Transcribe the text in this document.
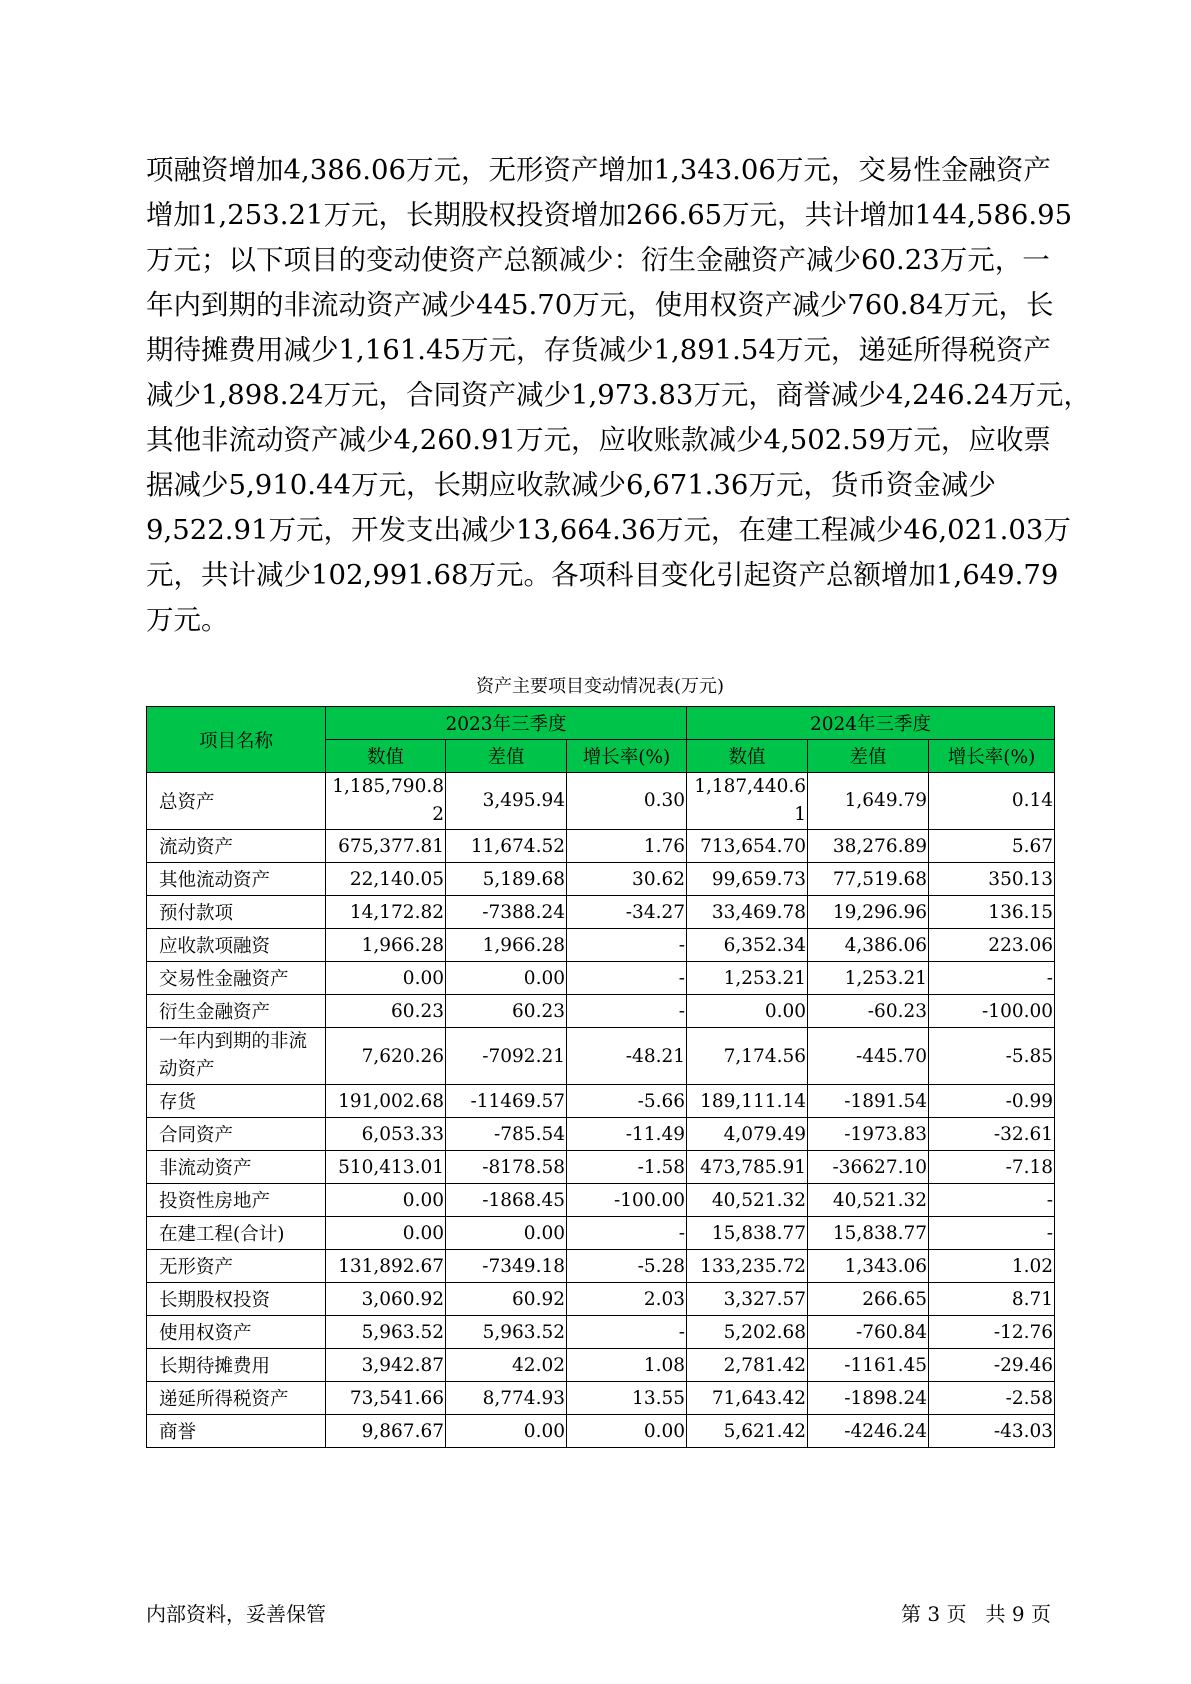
项融资增加4,386.06万元，无形资产增加1,343.06万元，交易性金融资产
增加1,253.21万元，长期股权投资增加266.65万元，共计增加144,586.95
万元；以下项目的变动使资产总额减少：衍生金融资产减少60.23万元，一
年内到期的非流动资产减少445.70万元，使用权资产减少760.84万元，长
期待摊费用减少1,161.45万元，存货减少1,891.54万元，递延所得税资产
减少1,898.24万元，合同资产减少1,973.83万元，商誉减少4,246.24万元，
其他非流动资产减少4,260.91万元，应收账款减少4,502.59万元，应收票
据减少5,910.44万元，长期应收款减少6,671.36万元，货币资金减少
9,522.91万元，开发支出减少13,664.36万元，在建工程减少46,021.03万
元，共计减少102,991.68万元。各项科目变化引起资产总额增加1,649.79
万元。
资产主要项目变动情况表(万元)
项目名称	2023年三季度			2024年三季度		
	数值	差值	增长率(%)	数值	差值	增长率(%)
总资产	1,185,790.82	3,495.94	0.30	1,187,440.61	1,649.79	0.14
流动资产	675,377.81	11,674.52	1.76	713,654.70	38,276.89	5.67
其他流动资产	22,140.05	5,189.68	30.62	99,659.73	77,519.68	350.13
预付款项	14,172.82	-7388.24	-34.27	33,469.78	19,296.96	136.15
应收款项融资	1,966.28	1,966.28	-	6,352.34	4,386.06	223.06
交易性金融资产	0.00	0.00	-	1,253.21	1,253.21	-
衍生金融资产	60.23	60.23	-	0.00	-60.23	-100.00
一年内到期的非流动资产	7,620.26	-7092.21	-48.21	7,174.56	-445.70	-5.85
存货	191,002.68	-11469.57	-5.66	189,111.14	-1891.54	-0.99
合同资产	6,053.33	-785.54	-11.49	4,079.49	-1973.83	-32.61
非流动资产	510,413.01	-8178.58	-1.58	473,785.91	-36627.10	-7.18
投资性房地产	0.00	-1868.45	-100.00	40,521.32	40,521.32	-
在建工程(合计)	0.00	0.00	-	15,838.77	15,838.77	-
无形资产	131,892.67	-7349.18	-5.28	133,235.72	1,343.06	1.02
长期股权投资	3,060.92	60.92	2.03	3,327.57	266.65	8.71
使用权资产	5,963.52	5,963.52	-	5,202.68	-760.84	-12.76
长期待摊费用	3,942.87	42.02	1.08	2,781.42	-1161.45	-29.46
递延所得税资产	73,541.66	8,774.93	13.55	71,643.42	-1898.24	-2.58
商誉	9,867.67	0.00	0.00	5,621.42	-4246.24	-43.03
内部资料，妥善保管	第 3 页   共 9 页
